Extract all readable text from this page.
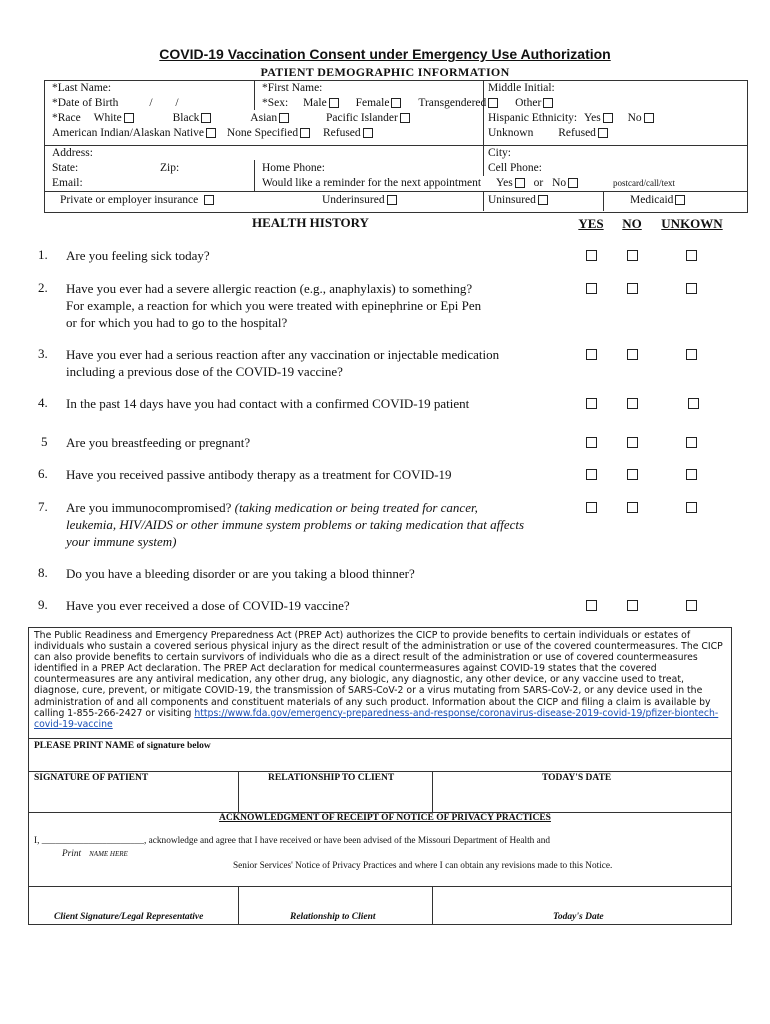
COVID-19 Vaccination Consent under Emergency Use Authorization
PATIENT DEMOGRAPHIC INFORMATION
*Last Name:	*First Name:	Middle Initial:
*Date of Birth	/ /	*Sex: Male	Female	Transgendered	Other
*Race White	Black	Asian	Pacific Islander	Hispanic Ethnicity: Yes No
American Indian/Alaskan Native None Specified Refused	Unknown Refused
Address:	City:
State:	Zip:	Home Phone:	Cell Phone:
Email:	Would like a reminder for the next appointment Yes or No	postcard/call/text
Private or employer insurance	Underinsured	Uninsured	Medicaid
HEALTH HISTORY	YES NO UNKOWN
1. Are you feeling sick today?

2. Have you ever had a severe allergic reaction (e.g., anaphylaxis) to something?
For example, a reaction for which you were treated with epinephrine or Epi Pen
or for which you had to go to the hospital?

3. Have you ever had a serious reaction after any vaccination or injectable medication
including a previous dose of the COVID-19 vaccine?

4. In the past 14 days have you had contact with a confirmed COVID-19 patient

5 Are you breastfeeding or pregnant?

6. Have you received passive antibody therapy as a treatment for COVID-19

7. Are you immunocompromised? (taking medication or being treated for cancer,
leukemia, HIV/AIDS or other immune system problems or taking medication that affects
your immune system)
8. Do you have a bleeding disorder or are you taking a blood thinner?

9. Have you ever received a dose of COVID-19 vaccine?

The Public Readiness and Emergency Preparedness Act (PREP Act) authorizes the CICP to provide benefits to certain individuals or estates of individuals who sustain a covered serious physical injury as the direct result of the administration or use of the covered countermeasures. The CICP can also provide benefits to certain survivors of individuals who die as a direct result of the administration or use of covered countermeasures identified in a PREP Act declaration. The PREP Act declaration for medical countermeasures against COVID-19 states that the covered countermeasures are any antiviral medication, any other drug, any biologic, any diagnostic, any other device, or any vaccine used to treat, diagnose, cure, prevent, or mitigate COVID-19, the transmission of SARS-CoV-2 or a virus mutating from SARS-CoV-2, or any device used in the administration of and all components and constituent materials of any such product. Information about the CICP and filing a claim is available by calling 1-855-266-2427 or visiting https://www.fda.gov/emergency-preparedness-and-response/coronavirus-disease-2019-covid-19/pfizer-biontech-covid-19-vaccine
PLEASE PRINT NAME of signature below
SIGNATURE OF PATIENT	RELATIONSHIP TO CLIENT	TODAY'S DATE
ACKNOWLEDGMENT OF RECEIPT OF NOTICE OF PRIVACY PRACTICES
I, ______________________, acknowledge and agree that I have received or have been advised of the Missouri Department of Health and
Print NAME HERE
Senior Services' Notice of Privacy Practices and where I can obtain any revisions made to this Notice.
Client Signature/Legal Representative	Relationship to Client	Today's Date
